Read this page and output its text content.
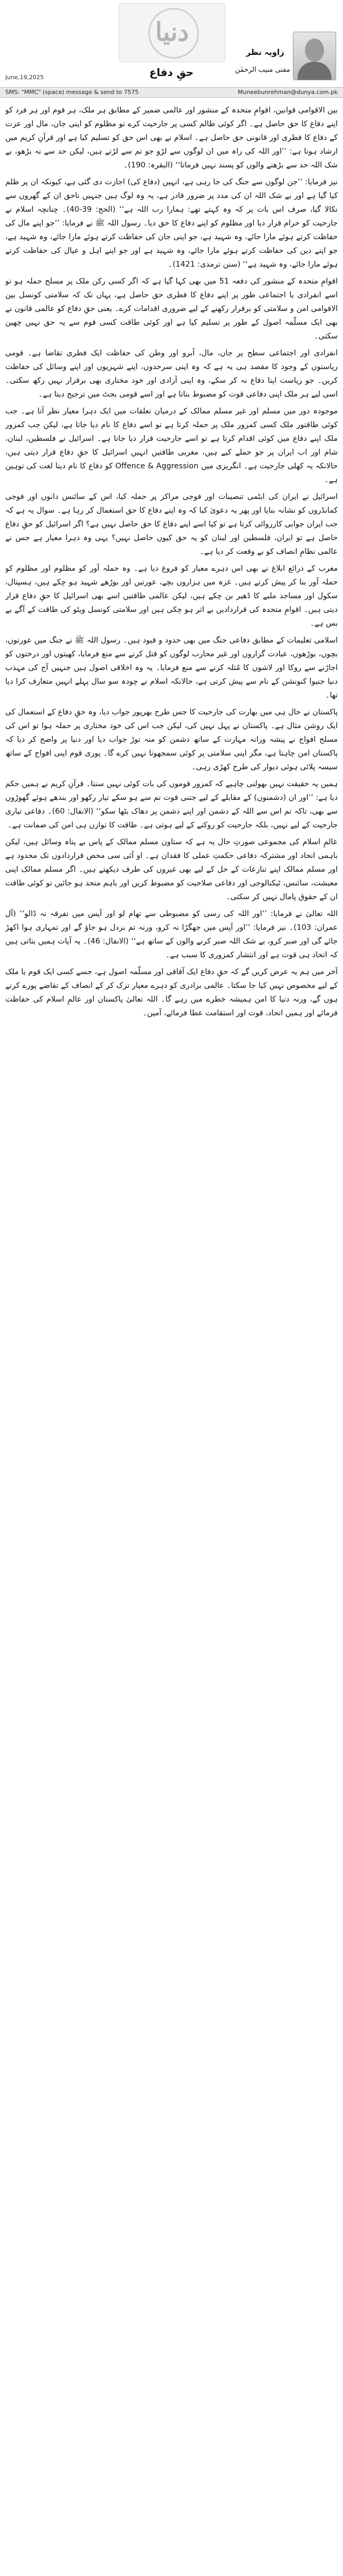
دنیا
زاویہ نظر
مفتی منیب الرحمٰن
حقِ دفاع
June,19,2025
SMS: "MMC" (space) message & send to 7575	Muneebunrehman@dunya.com.pk

بین الاقوامی قوانین، اقوامِ متحدہ کے منشور اور عالمی ضمیر کے مطابق ہر ملک، ہر قوم اور ہر فرد کو اپنے دفاع کا حق حاصل ہے۔ اگر کوئی ظالم کسی پر جارحیت کرے تو مظلوم کو اپنی جان، مال اور عزت کے دفاع کا فطری اور قانونی حق حاصل ہے۔ اسلام نے بھی اس حق کو تسلیم کیا ہے اور قرآنِ کریم میں ارشاد ہوتا ہے: ’’اور اللہ کی راہ میں ان لوگوں سے لڑو جو تم سے لڑتے ہیں، لیکن حد سے نہ بڑھو، بے شک اللہ حد سے بڑھنے والوں کو پسند نہیں فرماتا‘‘ (البقرہ: 190)۔

نیز فرمایا: ’’جن لوگوں سے جنگ کی جا رہی ہے، انہیں (دفاع کی) اجازت دی گئی ہے، کیونکہ ان پر ظلم کیا گیا ہے اور بے شک اللہ ان کی مدد پر ضرور قادر ہے، یہ وہ لوگ ہیں جنہیں ناحق ان کے گھروں سے نکالا گیا، صرف اس بات پر کہ وہ کہتے تھے: ہمارا رب اللہ ہے‘‘ (الحج: 39-40)۔ چنانچہ اسلام نے جارحیت کو حرام قرار دیا اور مظلوم کو اپنے دفاع کا حق دیا۔ رسول اللہ ﷺ نے فرمایا: ’’جو اپنے مال کی حفاظت کرتے ہوئے مارا جائے، وہ شہید ہے، جو اپنی جان کی حفاظت کرتے ہوئے مارا جائے، وہ شہید ہے، جو اپنے دین کی حفاظت کرتے ہوئے مارا جائے، وہ شہید ہے اور جو اپنے اہل و عیال کی حفاظت کرتے ہوئے مارا جائے، وہ شہید ہے‘‘ (سنن ترمذی: 1421)۔

اقوامِ متحدہ کے منشور کی دفعہ 51 میں بھی کہا گیا ہے کہ اگر کسی رکن ملک پر مسلح حملہ ہو تو اسے انفرادی یا اجتماعی طور پر اپنے دفاع کا فطری حق حاصل ہے، یہاں تک کہ سلامتی کونسل بین الاقوامی امن و سلامتی کو برقرار رکھنے کے لیے ضروری اقدامات کرے۔ یعنی حقِ دفاع کو عالمی قانون نے بھی ایک مسلّمہ اصول کے طور پر تسلیم کیا ہے اور کوئی طاقت کسی قوم سے یہ حق نہیں چھین سکتی۔

انفرادی اور اجتماعی سطح پر جان، مال، آبرو اور وطن کی حفاظت ایک فطری تقاضا ہے۔ قومی ریاستوں کے وجود کا مقصد ہی یہ ہے کہ وہ اپنی سرحدوں، اپنے شہریوں اور اپنے وسائل کی حفاظت کریں۔ جو ریاست اپنا دفاع نہ کر سکے، وہ اپنی آزادی اور خود مختاری بھی برقرار نہیں رکھ سکتی۔ اسی لیے ہر ملک اپنی دفاعی قوت کو مضبوط بناتا ہے اور اسے قومی بجٹ میں ترجیح دیتا ہے۔

موجودہ دور میں مسلم اور غیر مسلم ممالک کے درمیان تعلقات میں ایک دہرا معیار نظر آتا ہے۔ جب کوئی طاقتور ملک کسی کمزور ملک پر حملہ کرتا ہے تو اسے دفاع کا نام دیا جاتا ہے، لیکن جب کمزور ملک اپنے دفاع میں کوئی اقدام کرتا ہے تو اسے جارحیت قرار دیا جاتا ہے۔ اسرائیل نے فلسطین، لبنان، شام اور اب ایران پر جو حملے کیے ہیں، مغربی طاقتیں انہیں اسرائیل کا حقِ دفاع قرار دیتی ہیں، حالانکہ یہ کھلی جارحیت ہے۔ انگریزی میں Offence & Aggression کو دفاع کا نام دینا لغت کی توہین ہے۔

اسرائیل نے ایران کی ایٹمی تنصیبات اور فوجی مراکز پر حملہ کیا، اس کے سائنس دانوں اور فوجی کمانڈروں کو نشانہ بنایا اور پھر یہ دعویٰ کیا کہ وہ اپنے دفاع کا حق استعمال کر رہا ہے۔ سوال یہ ہے کہ جب ایران جوابی کارروائی کرتا ہے تو کیا اسے اپنے دفاع کا حق حاصل نہیں ہے؟ اگر اسرائیل کو حقِ دفاع حاصل ہے تو ایران، فلسطین اور لبنان کو یہ حق کیوں حاصل نہیں؟ یہی وہ دہرا معیار ہے جس نے عالمی نظامِ انصاف کو بے وقعت کر دیا ہے۔

مغرب کے ذرائع ابلاغ نے بھی اس دہرے معیار کو فروغ دیا ہے۔ وہ حملہ آور کو مظلوم اور مظلوم کو حملہ آور بنا کر پیش کرتے ہیں۔ غزہ میں ہزاروں بچے، عورتیں اور بوڑھے شہید ہو چکے ہیں، ہسپتال، سکول اور مساجد ملبے کا ڈھیر بن چکے ہیں، لیکن عالمی طاقتیں اسے بھی اسرائیل کا حقِ دفاع قرار دیتی ہیں۔ اقوامِ متحدہ کی قراردادیں بے اثر ہو چکی ہیں اور سلامتی کونسل ویٹو کی طاقت کے آگے بے بس ہے۔

اسلامی تعلیمات کے مطابق دفاعی جنگ میں بھی حدود و قیود ہیں۔ رسول اللہ ﷺ نے جنگ میں عورتوں، بچوں، بوڑھوں، عبادت گزاروں اور غیر محارب لوگوں کو قتل کرنے سے منع فرمایا، کھیتوں اور درختوں کو اجاڑنے سے روکا اور لاشوں کا مُثلہ کرنے سے منع فرمایا۔ یہ وہ اخلاقی اصول ہیں جنہیں آج کی مہذب دنیا جنیوا کنونشن کے نام سے پیش کرتی ہے، حالانکہ اسلام نے چودہ سو سال پہلے انہیں متعارف کرا دیا تھا۔

پاکستان نے حال ہی میں بھارت کی جارحیت کا جس طرح بھرپور جواب دیا، وہ حقِ دفاع کے استعمال کی ایک روشن مثال ہے۔ پاکستان نے پہل نہیں کی، لیکن جب اس کی خود مختاری پر حملہ ہوا تو اس کی مسلح افواج نے پیشہ ورانہ مہارت کے ساتھ دشمن کو منہ توڑ جواب دیا اور دنیا پر واضح کر دیا کہ پاکستان امن چاہتا ہے، مگر اپنی سلامتی پر کوئی سمجھوتا نہیں کرے گا۔ پوری قوم اپنی افواج کے ساتھ سیسہ پلائی ہوئی دیوار کی طرح کھڑی رہی۔

ہمیں یہ حقیقت نہیں بھولنی چاہیے کہ کمزور قوموں کی بات کوئی نہیں سنتا۔ قرآنِ کریم نے ہمیں حکم دیا ہے: ’’اور ان (دشمنوں) کے مقابلے کے لیے جتنی قوت تم سے ہو سکے تیار رکھو اور بندھے ہوئے گھوڑوں سے بھی، تاکہ تم اس سے اللہ کے دشمن اور اپنے دشمن پر دھاک بٹھا سکو‘‘ (الانفال: 60)۔ دفاعی تیاری جارحیت کے لیے نہیں، بلکہ جارحیت کو روکنے کے لیے ہوتی ہے۔ طاقت کا توازن ہی امن کی ضمانت ہے۔

عالمِ اسلام کی مجموعی صورتِ حال یہ ہے کہ ستاون مسلم ممالک کے پاس بے پناہ وسائل ہیں، لیکن باہمی اتحاد اور مشترکہ دفاعی حکمتِ عملی کا فقدان ہے۔ او آئی سی محض قراردادوں تک محدود ہے اور مسلم ممالک اپنے تنازعات کے حل کے لیے بھی غیروں کی طرف دیکھتے ہیں۔ اگر مسلم ممالک اپنی معیشت، سائنس، ٹیکنالوجی اور دفاعی صلاحیت کو مضبوط کریں اور باہم متحد ہو جائیں تو کوئی طاقت ان کے حقوق پامال نہیں کر سکتی۔

اللہ تعالیٰ نے فرمایا: ’’اور اللہ کی رسی کو مضبوطی سے تھام لو اور آپس میں تفرقہ نہ ڈالو‘‘ (آل عمران: 103)۔ نیز فرمایا: ’’اور آپس میں جھگڑا نہ کرو، ورنہ تم بزدل ہو جاؤ گے اور تمہاری ہوا اکھڑ جائے گی اور صبر کرو، بے شک اللہ صبر کرنے والوں کے ساتھ ہے‘‘ (الانفال: 46)۔ یہ آیات ہمیں بتاتی ہیں کہ اتحاد ہی قوت ہے اور انتشار کمزوری کا سبب ہے۔

آخر میں ہم یہ عرض کریں گے کہ حقِ دفاع ایک آفاقی اور مسلّمہ اصول ہے، جسے کسی ایک قوم یا ملک کے لیے مخصوص نہیں کیا جا سکتا۔ عالمی برادری کو دہرے معیار ترک کر کے انصاف کے تقاضے پورے کرنے ہوں گے، ورنہ دنیا کا امن ہمیشہ خطرے میں رہے گا۔ اللہ تعالیٰ پاکستان اور عالمِ اسلام کی حفاظت فرمائے اور ہمیں اتحاد، قوت اور استقامت عطا فرمائے، آمین۔
